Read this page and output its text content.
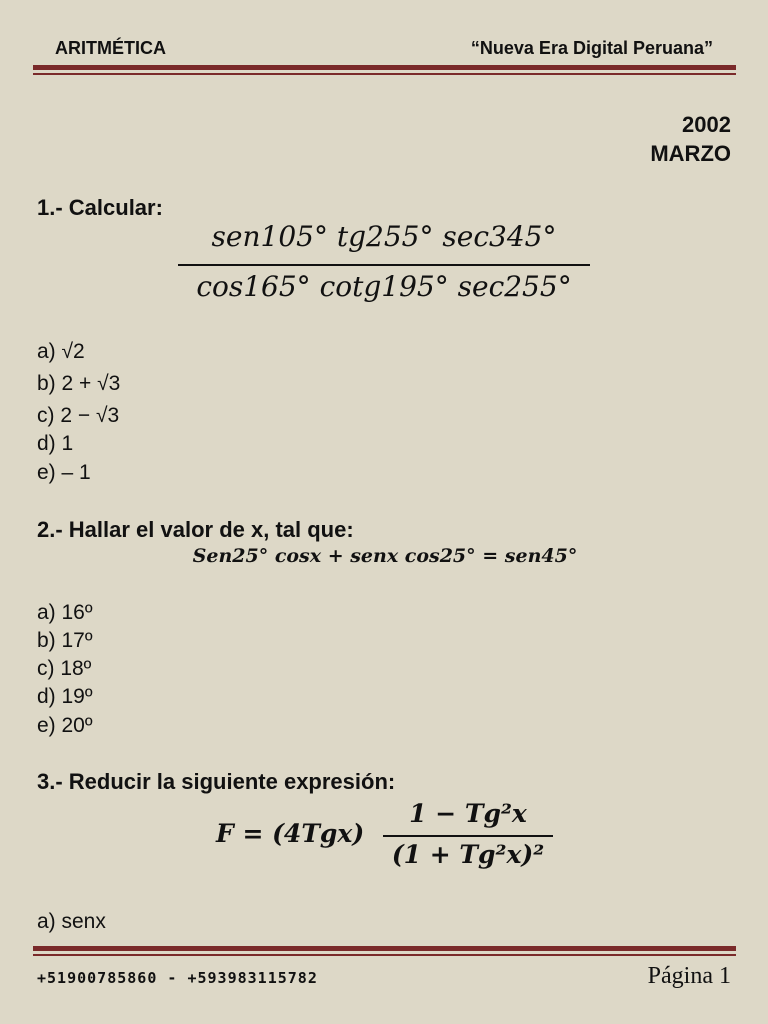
ARITMÉTICA	“Nueva Era Digital Peruana”
2002
MARZO
1.- Calcular:
sen105° tg255° sec345°
cos165° cotg195° sec255°
a) √2
b) 2 + √3
c) 2 − √3
d) 1
e) – 1
2.- Hallar el valor de x, tal que:
Sen25° cosx + senx cos25° = sen45°
a) 16º
b) 17º
c) 18º
d) 19º
e) 20º
3.- Reducir la siguiente expresión:
F = (4Tgx)
1 − Tg²x
(1 + Tg²x)²
a) senx
+51900785860 - +593983115782	Página 1
